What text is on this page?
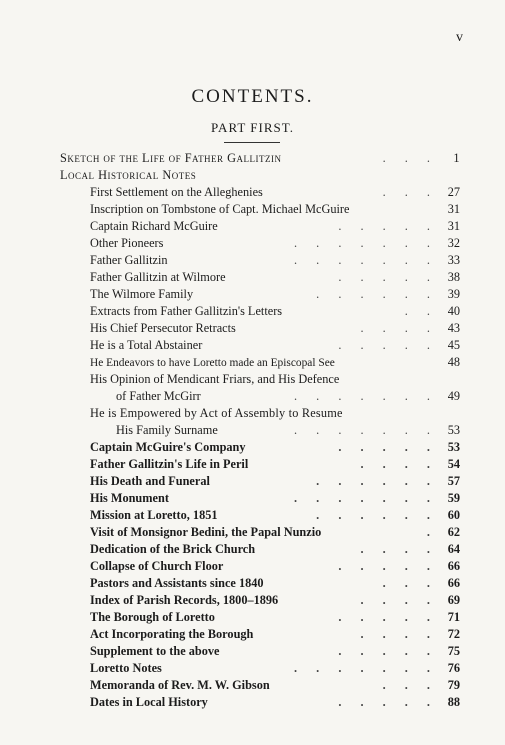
v
CONTENTS.
PART FIRST.
Sketch of the Life of Father Gallitzin	. . .	1
Local Historical Notes
First Settlement on the Alleghenies	. . . 27
Inscription on Tombstone of Capt. Michael McGuire	31
Captain Richard McGuire	. . . . . 31
Other Pioneers	. . . . . . . 32
Father Gallitzin	. . . . . . . 33
Father Gallitzin at Wilmore	. . . . . 38
The Wilmore Family	. . . . . . 39
Extracts from Father Gallitzin's Letters	. . 40
His Chief Persecutor Retracts	. . . . 43
He is a Total Abstainer	. . . . . 45
He Endeavors to have Loretto made an Episcopal See	48
His Opinion of Mendicant Friars, and His Defence
of Father McGirr	. . . . . . . 49
He is Empowered by Act of Assembly to Resume
His Family Surname	. . . . . . . 53
Captain McGuire's Company	. . . . . 53
Father Gallitzin's Life in Peril	. . . . 54
His Death and Funeral	. . . . . . 57
His Monument	. . . . . . . 59
Mission at Loretto, 1851	. . . . . . 60
Visit of Monsignor Bedini, the Papal Nunzio	. 62
Dedication of the Brick Church	. . . . 64
Collapse of Church Floor	. . . . . 66
Pastors and Assistants since 1840	. . . 66
Index of Parish Records, 1800–1896	. . . . 69
The Borough of Loretto	. . . . . 71
Act Incorporating the Borough	. . . . 72
Supplement to the above	. . . . . 75
Loretto Notes	. . . . . . . 76
Memoranda of Rev. M. W. Gibson	. . . 79
Dates in Local History	. . . . . 88
